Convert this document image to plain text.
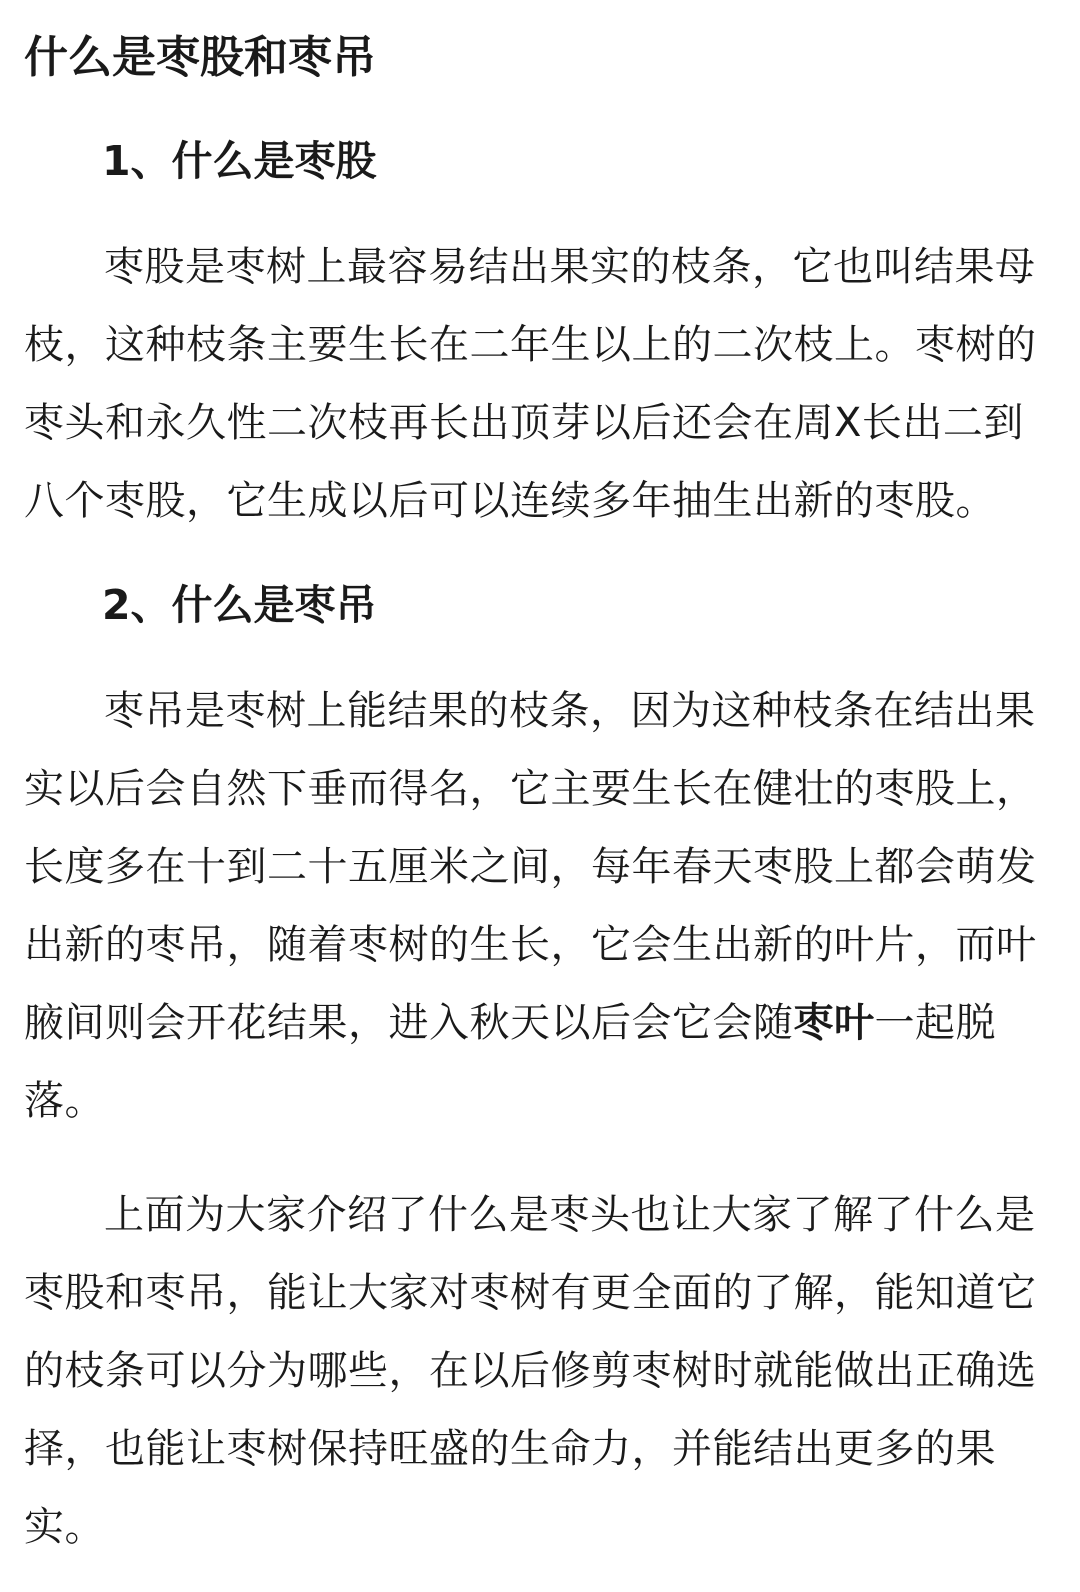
什么是枣股和枣吊
1、什么是枣股

枣股是枣树上最容易结出果实的枝条，它也叫结果母枝，这种枝条主要生长在二年生以上的二次枝上。枣树的枣头和永久性二次枝再长出顶芽以后还会在周X长出二到八个枣股，它生成以后可以连续多年抽生出新的枣股。

2、什么是枣吊

枣吊是枣树上能结果的枝条，因为这种枝条在结出果实以后会自然下垂而得名，它主要生长在健壮的枣股上，长度多在十到二十五厘米之间，每年春天枣股上都会萌发出新的枣吊，随着枣树的生长，它会生出新的叶片，而叶腋间则会开花结果，进入秋天以后会它会随枣叶一起脱落。

上面为大家介绍了什么是枣头也让大家了解了什么是枣股和枣吊，能让大家对枣树有更全面的了解，能知道它的枝条可以分为哪些，在以后修剪枣树时就能做出正确选择，也能让枣树保持旺盛的生命力，并能结出更多的果实。
